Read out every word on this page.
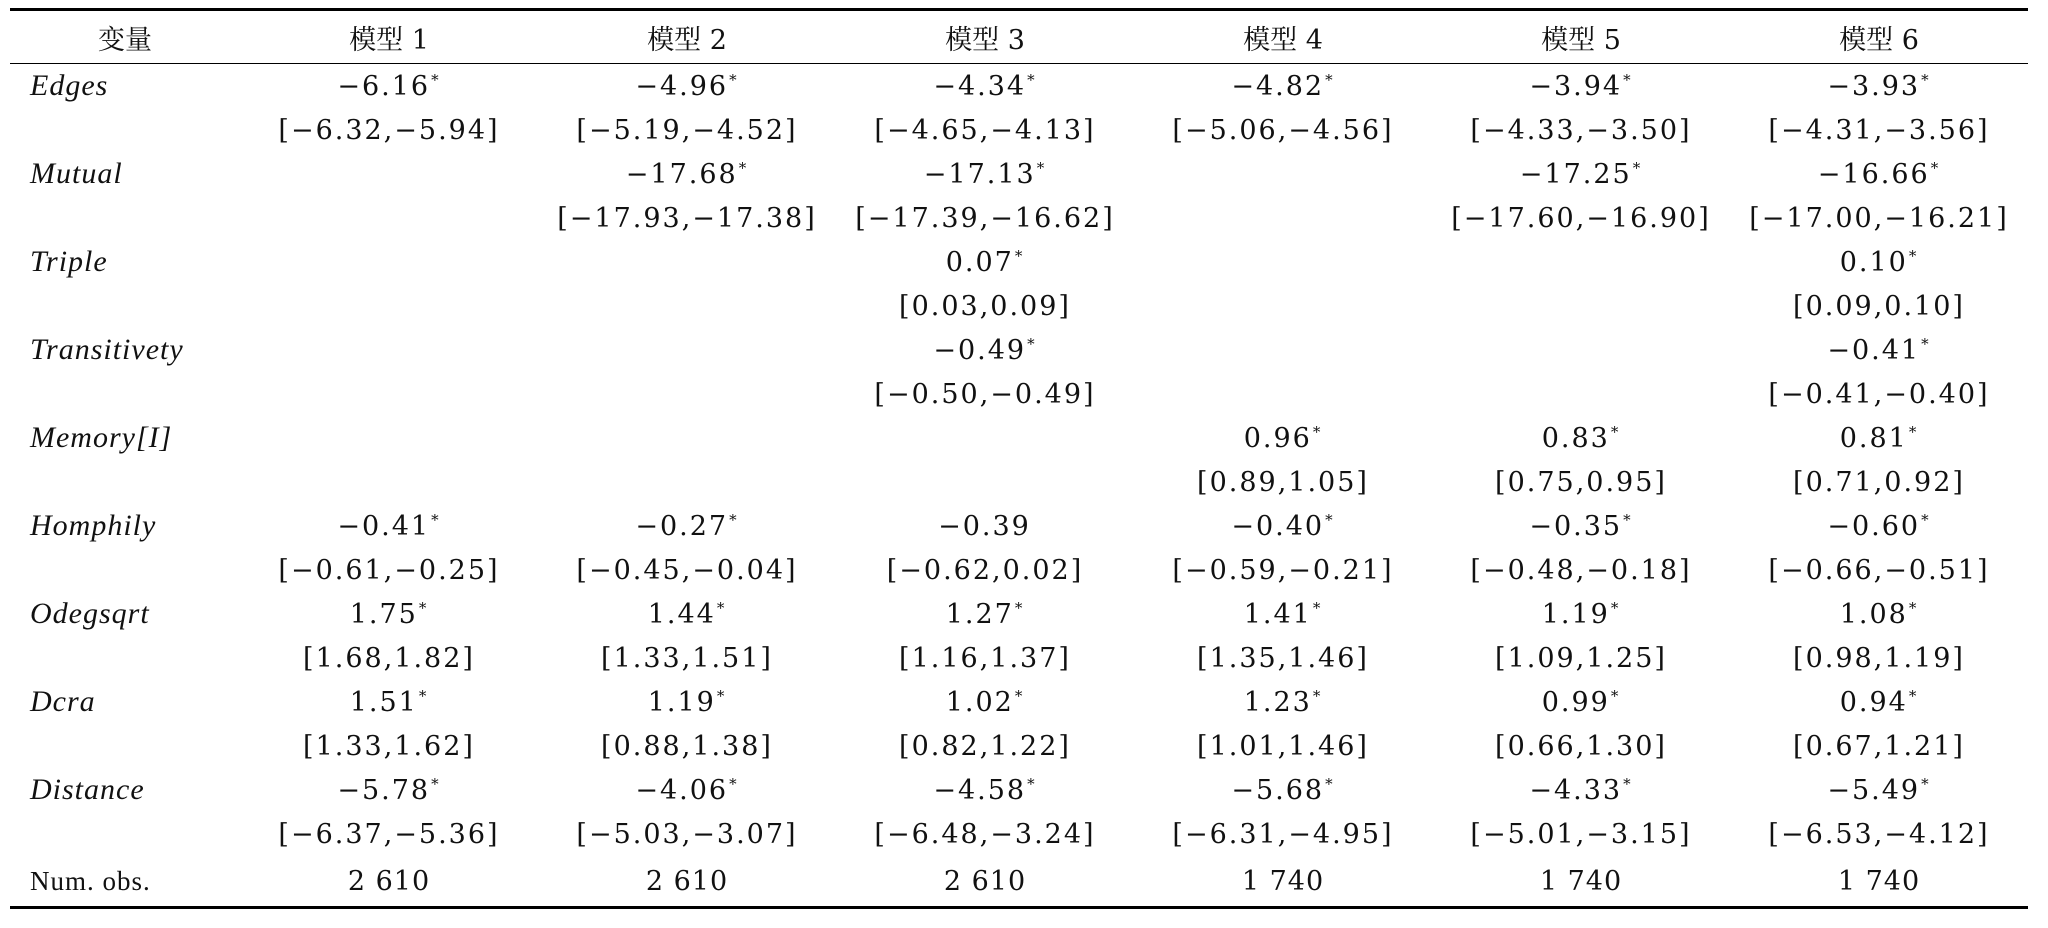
变量	模型 1	模型 2	模型 3	模型 4	模型 5	模型 6
Edges	−6.16*	−4.96*	−4.34*	−4.82*	−3.94*	−3.93*
	[−6.32,−5.94]	[−5.19,−4.52]	[−4.65,−4.13]	[−5.06,−4.56]	[−4.33,−3.50]	[−4.31,−3.56]
Mutual		−17.68*	−17.13*		−17.25*	−16.66*
		[−17.93,−17.38]	[−17.39,−16.62]		[−17.60,−16.90]	[−17.00,−16.21]
Triple			0.07*			0.10*
			[0.03,0.09]			[0.09,0.10]
Transitivety			−0.49*			−0.41*
			[−0.50,−0.49]			[−0.41,−0.40]
Memory[I]				0.96*	0.83*	0.81*
				[0.89,1.05]	[0.75,0.95]	[0.71,0.92]
Homphily	−0.41*	−0.27*	−0.39	−0.40*	−0.35*	−0.60*
	[−0.61,−0.25]	[−0.45,−0.04]	[−0.62,0.02]	[−0.59,−0.21]	[−0.48,−0.18]	[−0.66,−0.51]
Odegsqrt	1.75*	1.44*	1.27*	1.41*	1.19*	1.08*
	[1.68,1.82]	[1.33,1.51]	[1.16,1.37]	[1.35,1.46]	[1.09,1.25]	[0.98,1.19]
Dcra	1.51*	1.19*	1.02*	1.23*	0.99*	0.94*
	[1.33,1.62]	[0.88,1.38]	[0.82,1.22]	[1.01,1.46]	[0.66,1.30]	[0.67,1.21]
Distance	−5.78*	−4.06*	−4.58*	−5.68*	−4.33*	−5.49*
	[−6.37,−5.36]	[−5.03,−3.07]	[−6.48,−3.24]	[−6.31,−4.95]	[−5.01,−3.15]	[−6.53,−4.12]
Num. obs.	2 610	2 610	2 610	1 740	1 740	1 740
